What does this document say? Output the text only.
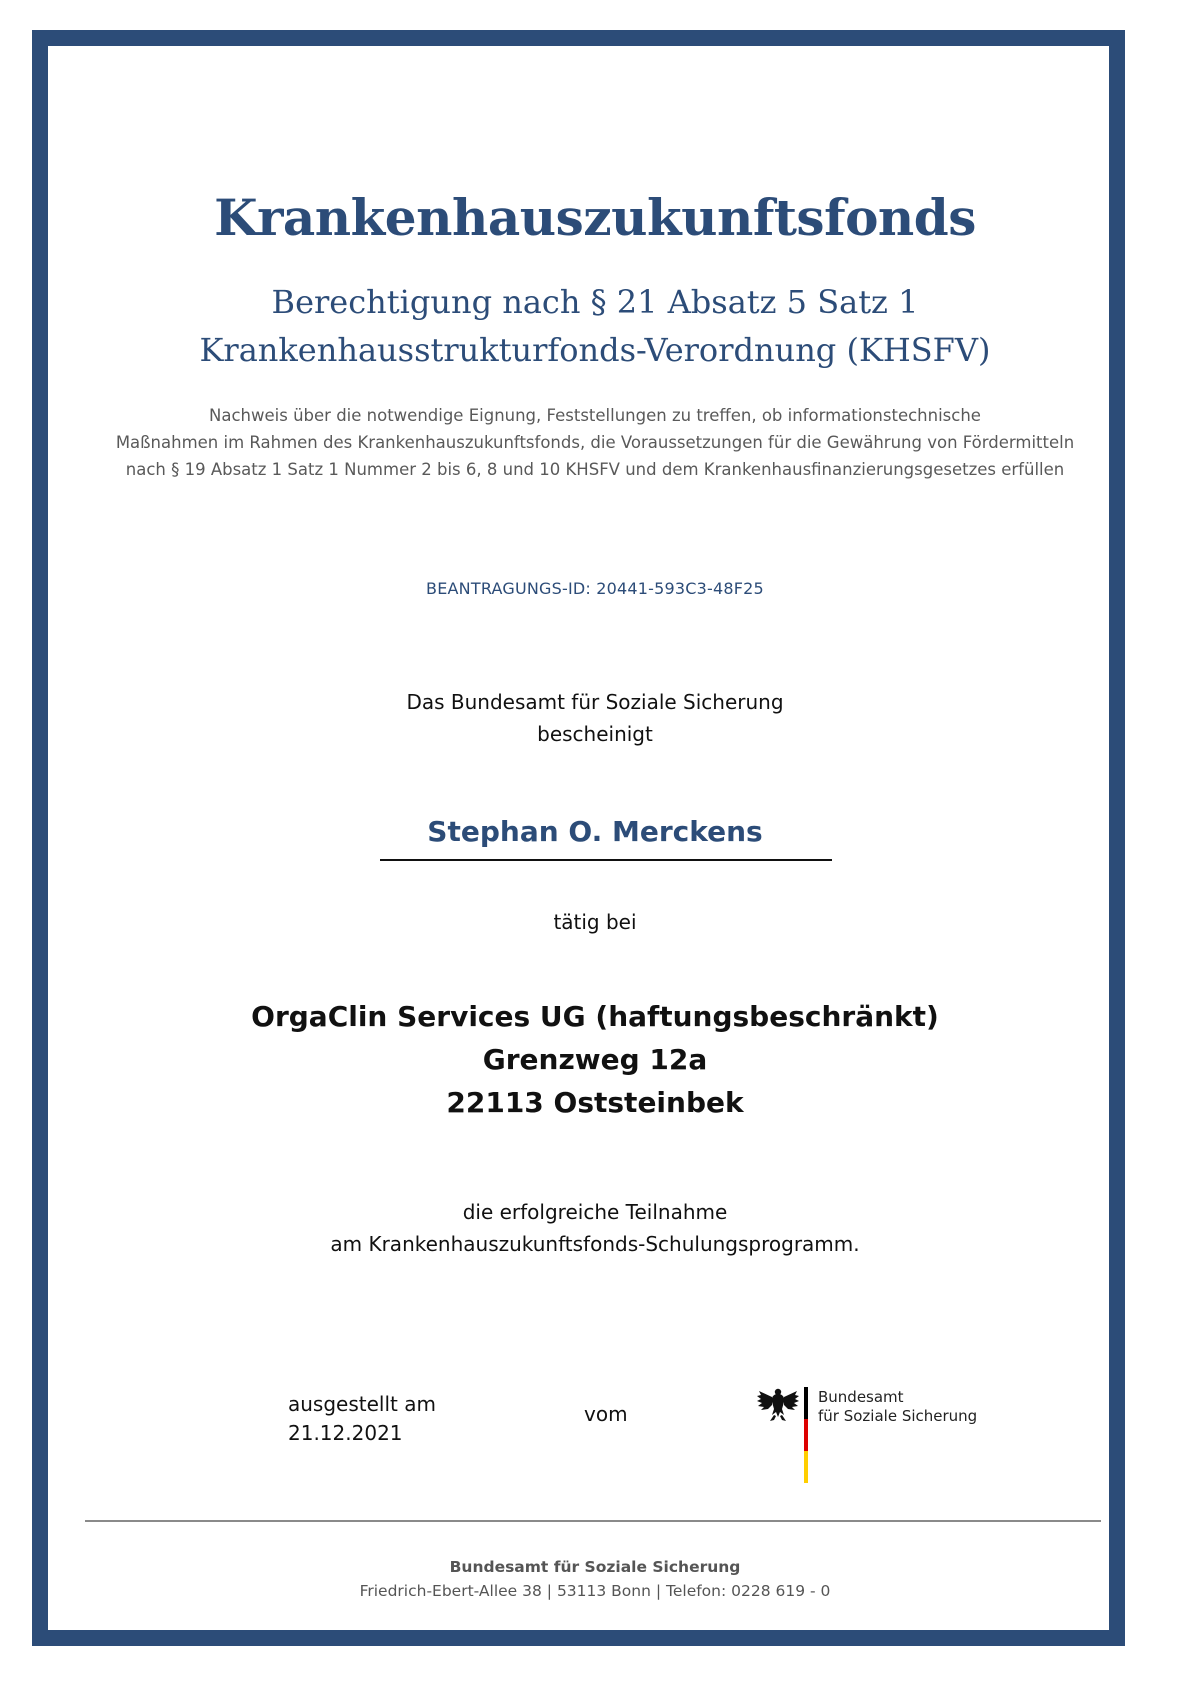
Krankenhauszukunftsfonds
Berechtigung nach § 21 Absatz 5 Satz 1
Krankenhausstrukturfonds-Verordnung (KHSFV)
Nachweis über die notwendige Eignung, Feststellungen zu treffen, ob informationstechnische
Maßnahmen im Rahmen des Krankenhauszukunftsfonds, die Voraussetzungen für die Gewährung von Fördermitteln
nach § 19 Absatz 1 Satz 1 Nummer 2 bis 6, 8 und 10 KHSFV und dem Krankenhausfinanzierungsgesetzes erfüllen
BEANTRAGUNGS-ID: 20441-593C3-48F25
Das Bundesamt für Soziale Sicherung
bescheinigt
Stephan O. Merckens
tätig bei
OrgaClin Services UG (haftungsbeschränkt)
Grenzweg 12a
22113 Oststeinbek
die erfolgreiche Teilnahme
am Krankenhauszukunftsfonds-Schulungsprogramm.
ausgestellt am
21.12.2021
vom
Bundesamt
für Soziale Sicherung
Bundesamt für Soziale Sicherung
Friedrich-Ebert-Allee 38 | 53113 Bonn | Telefon: 0228 619 - 0
